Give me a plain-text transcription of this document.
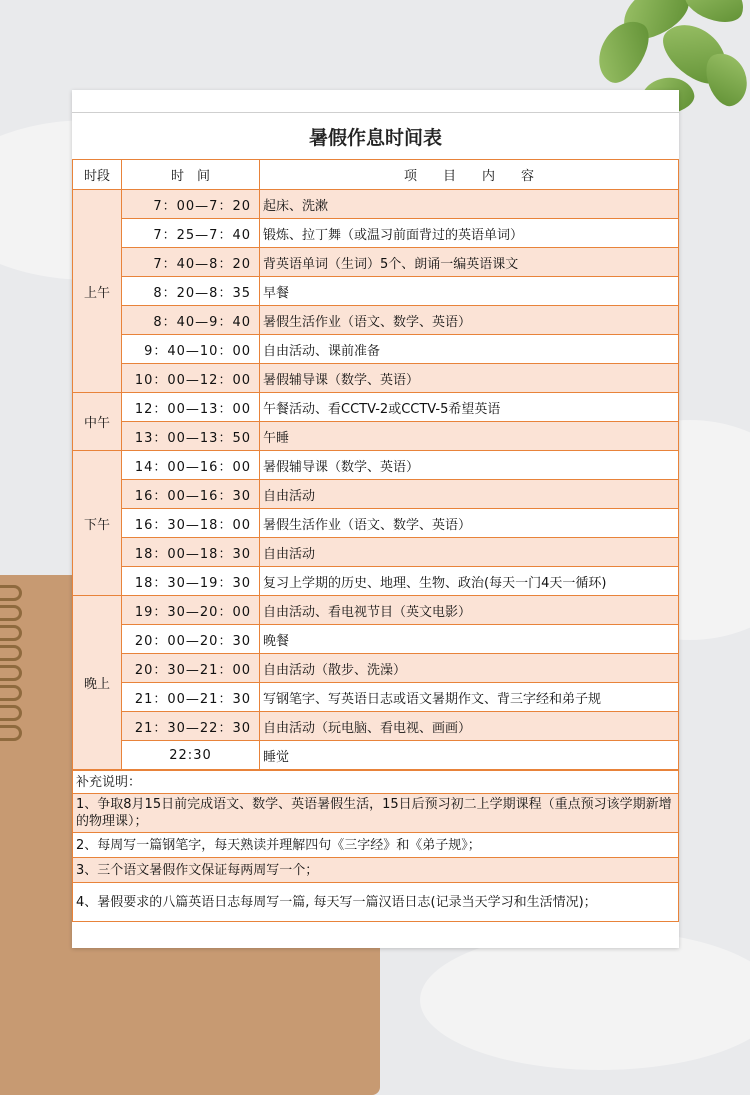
暑假作息时间表
时段	时　间	项　　目　　内　　容
上午	7：00—7：20	起床、洗漱
	7：25—7：40	锻炼、拉丁舞（或温习前面背过的英语单词）
	7：40—8：20	背英语单词（生词）5个、朗诵一编英语课文
	8：20—8：35	早餐
	8：40—9：40	暑假生活作业（语文、数学、英语）
	9：40—10：00	自由活动、课前准备
	10：00—12：00	暑假辅导课（数学、英语）
中午	12：00—13：00	午餐活动、看CCTV-2或CCTV-5希望英语
	13：00—13：50	午睡
下午	14：00—16：00	暑假辅导课（数学、英语）
	16：00—16：30	自由活动
	16：30—18：00	暑假生活作业（语文、数学、英语）
	18：00—18：30	自由活动
	18：30—19：30	复习上学期的历史、地理、生物、政治(每天一门4天一循环)
晚上	19：30—20：00	自由活动、看电视节目（英文电影）
	20：00—20：30	晚餐
	20：30—21：00	自由活动（散步、洗澡）
	21：00—21：30	写钢笔字、写英语日志或语文暑期作文、背三字经和弟子规
	21：30—22：30	自由活动（玩电脑、看电视、画画）
	22:30	睡觉
补充说明：
1、争取8月15日前完成语文、数学、英语暑假生活，15日后预习初二上学期课程（重点预习该学期新增的物理课）；
2、每周写一篇钢笔字，每天熟读并理解四句《三字经》和《弟子规》；
3、三个语文暑假作文保证每两周写一个；
4、暑假要求的八篇英语日志每周写一篇, 每天写一篇汉语日志(记录当天学习和生活情况)；
